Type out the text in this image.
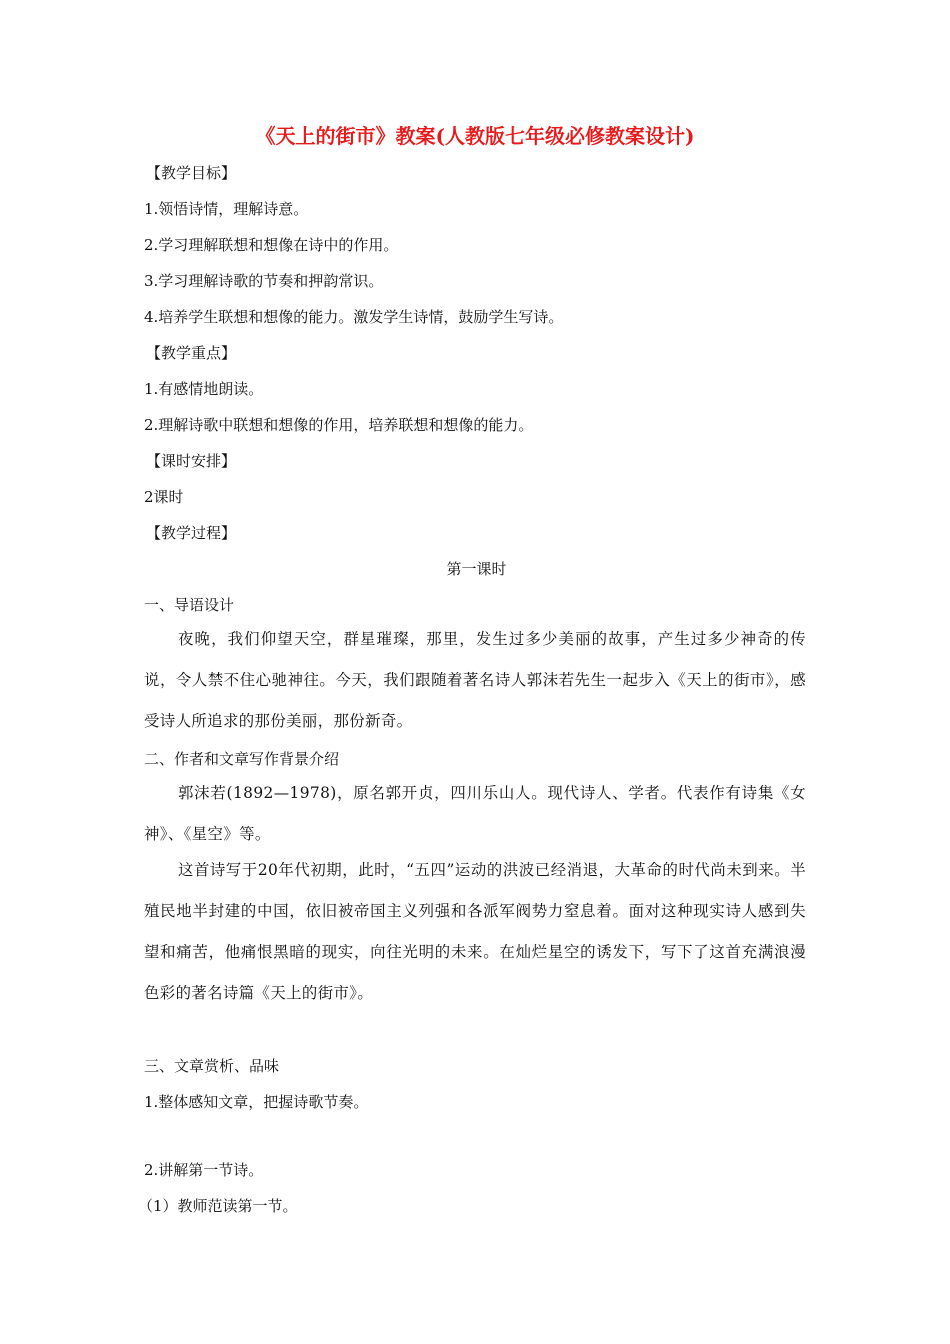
《天上的街市》教案(人教版七年级必修教案设计)
【教学目标】
1.领悟诗情，理解诗意。
2.学习理解联想和想像在诗中的作用。
3.学习理解诗歌的节奏和押韵常识。
4.培养学生联想和想像的能力。激发学生诗情，鼓励学生写诗。
【教学重点】
1.有感情地朗读。
2.理解诗歌中联想和想像的作用，培养联想和想像的能力。
【课时安排】
2课时
【教学过程】
第一课时
一、导语设计
夜晚，我们仰望天空，群星璀璨，那里，发生过多少美丽的故事，产生过多少神奇的传说，令人禁不住心驰神往。今天，我们跟随着著名诗人郭沫若先生一起步入《天上的街市》，感受诗人所追求的那份美丽，那份新奇。
二、作者和文章写作背景介绍
郭沫若(1892—1978)，原名郭开贞，四川乐山人。现代诗人、学者。代表作有诗集《女神》、《星空》等。
这首诗写于20年代初期，此时，“五四”运动的洪波已经消退，大革命的时代尚未到来。半殖民地半封建的中国，依旧被帝国主义列强和各派军阀势力窒息着。面对这种现实诗人感到失望和痛苦，他痛恨黑暗的现实，向往光明的未来。在灿烂星空的诱发下，写下了这首充满浪漫色彩的著名诗篇《天上的街市》。
三、文章赏析、品味
1.整体感知文章，把握诗歌节奏。
2.讲解第一节诗。
（1）教师范读第一节。
